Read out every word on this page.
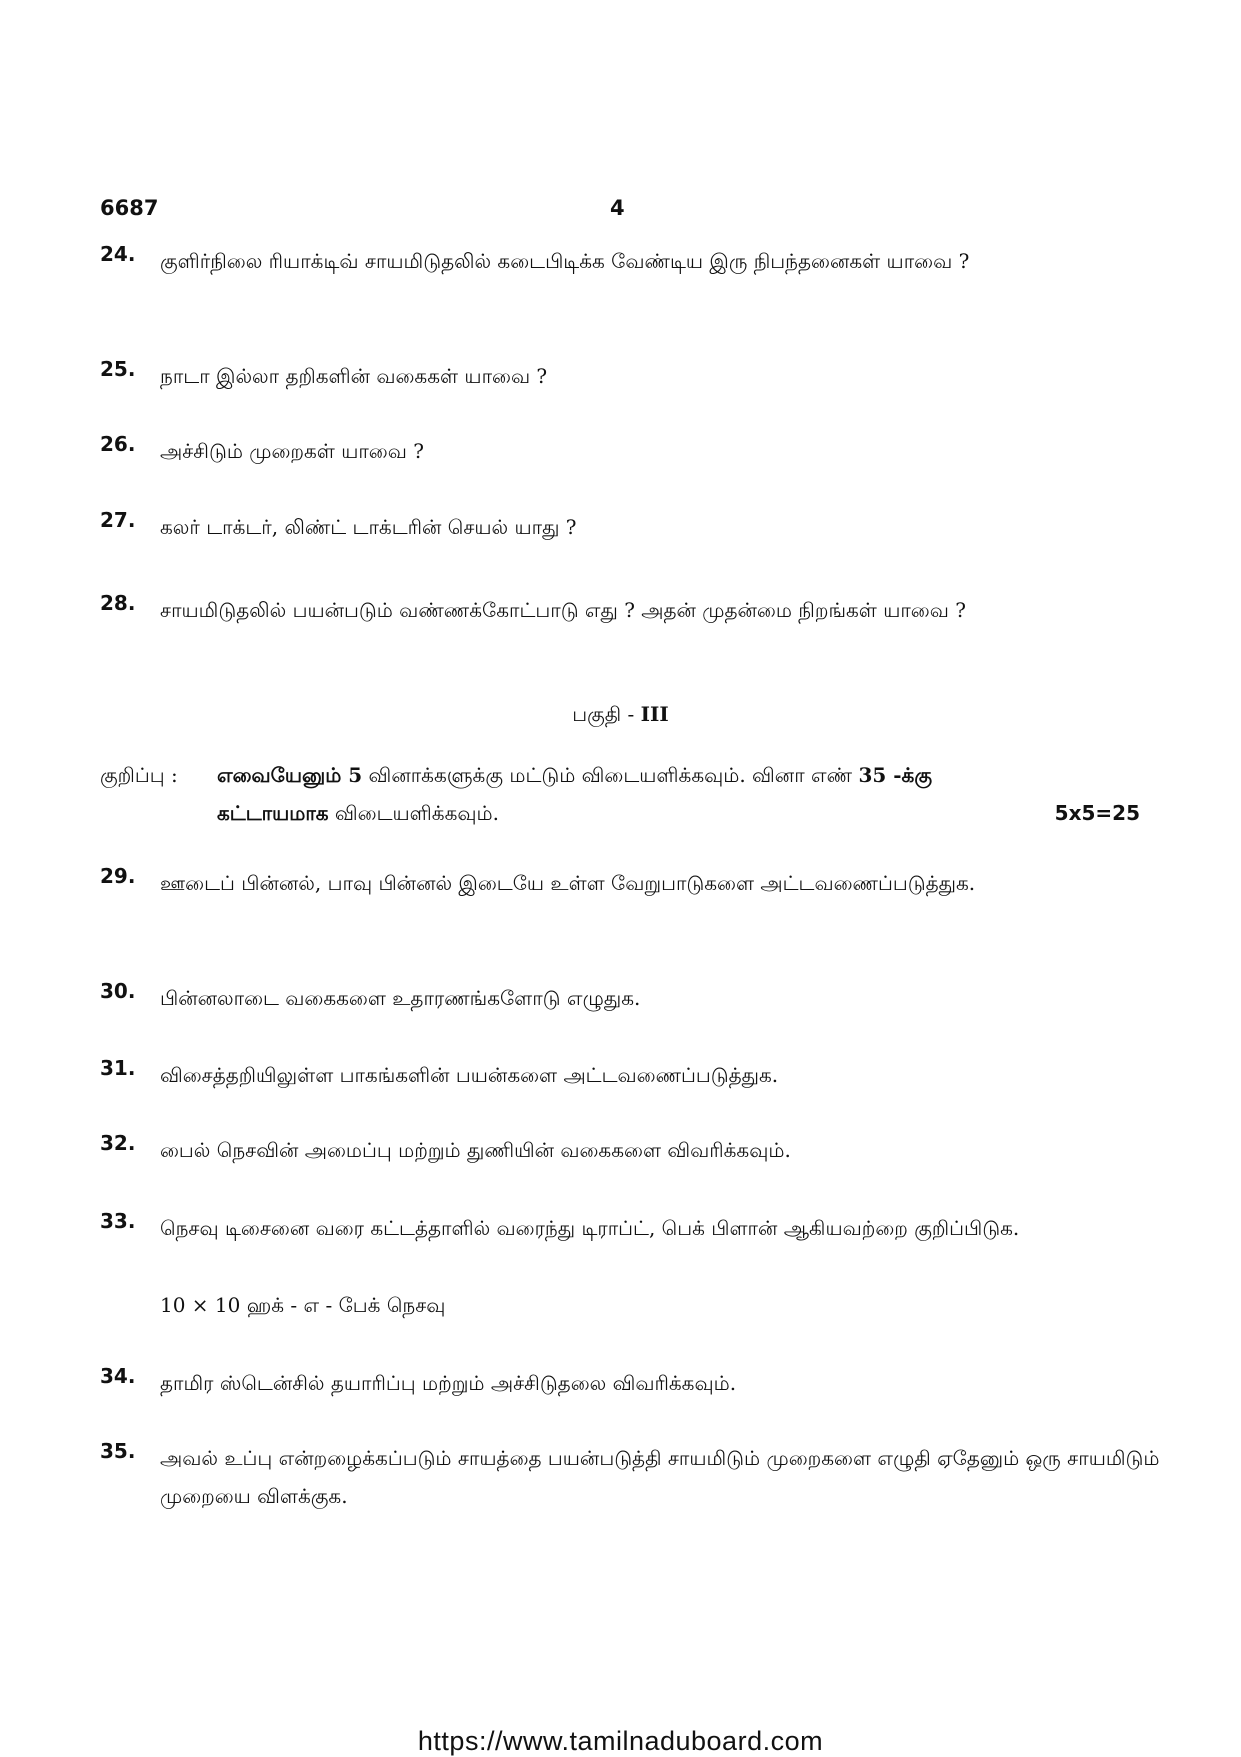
6687	4
24. குளிர்நிலை ரியாக்டிவ் சாயமிடுதலில் கடைபிடிக்க வேண்டிய இரு நிபந்தனைகள் யாவை ?
25. நாடா இல்லா தறிகளின் வகைகள் யாவை ?
26. அச்சிடும் முறைகள் யாவை ?
27. கலர் டாக்டர், லிண்ட் டாக்டரின் செயல் யாது ?
28. சாயமிடுதலில் பயன்படும் வண்ணக்கோட்பாடு எது ? அதன் முதன்மை நிறங்கள் யாவை ?
பகுதி - III
குறிப்பு : எவையேனும் 5 வினாக்களுக்கு மட்டும் விடையளிக்கவும். வினா எண் 35 -க்கு
கட்டாயமாக விடையளிக்கவும்.	5x5=25
29. ஊடைப் பின்னல், பாவு பின்னல் இடையே உள்ள வேறுபாடுகளை அட்டவணைப்படுத்துக.
30. பின்னலாடை வகைகளை உதாரணங்களோடு எழுதுக.
31. விசைத்தறியிலுள்ள பாகங்களின் பயன்களை அட்டவணைப்படுத்துக.
32. பைல் நெசவின் அமைப்பு மற்றும் துணியின் வகைகளை விவரிக்கவும்.
33. நெசவு டிசைனை வரை கட்டத்தாளில் வரைந்து டிராப்ட், பெக் பிளான் ஆகியவற்றை குறிப்பிடுக.
10 × 10 ஹக் - எ - பேக் நெசவு
34. தாமிர ஸ்டென்சில் தயாரிப்பு மற்றும் அச்சிடுதலை விவரிக்கவும்.
35. அவல் உப்பு என்றழைக்கப்படும் சாயத்தை பயன்படுத்தி சாயமிடும் முறைகளை எழுதி ஏதேனும் ஒரு சாயமிடும் முறையை விளக்குக.
https://www.tamilnaduboard.com
